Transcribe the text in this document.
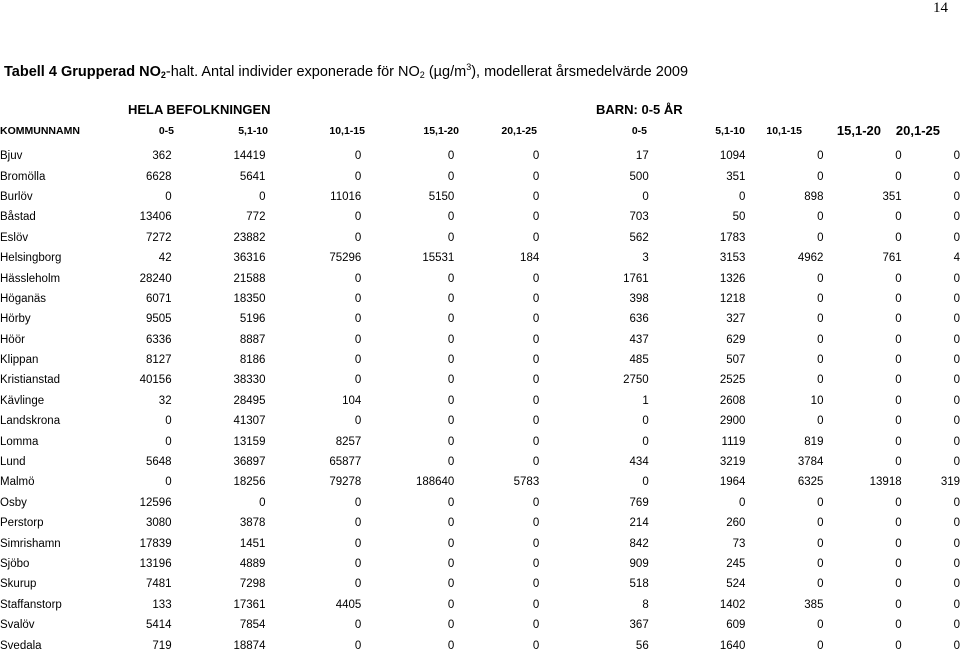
14
Tabell 4 Grupperad $NO_2$-halt. Antal individer exponerade för $NO_2$ $(\mu g/m^3)$, modellerat årsmedelvärde 2009
HELA BEFOLKNINGEN	BARN: 0-5 ÅR
KOMMUNNAMN	0-5	5,1-10	10,1-15	15,1-20	20,1-25	0-5	5,1-10 10,1-15	15,1-20 20,1-25
Bjuv	362	14419	0	0	0	17	1094	0	0	0
Bromölla	6628	5641	0	0	0	500	351	0	0	0
Burlöv	0	0	11016	5150	0	0	0	898	351	0
Båstad	13406	772	0	0	0	703	50	0	0	0
Eslöv	7272	23882	0	0	0	562	1783	0	0	0
Helsingborg	42	36316	75296	15531	184	3	3153	4962	761	4
Hässleholm	28240	21588	0	0	0	1761	1326	0	0	0
Höganäs	6071	18350	0	0	0	398	1218	0	0	0
Hörby	9505	5196	0	0	0	636	327	0	0	0
Höör	6336	8887	0	0	0	437	629	0	0	0
Klippan	8127	8186	0	0	0	485	507	0	0	0
Kristianstad	40156	38330	0	0	0	2750	2525	0	0	0
Kävlinge	32	28495	104	0	0	1	2608	10	0	0
Landskrona	0	41307	0	0	0	0	2900	0	0	0
Lomma	0	13159	8257	0	0	0	1119	819	0	0
Lund	5648	36897	65877	0	0	434	3219	3784	0	0
Malmö	0	18256	79278	188640	5783	0	1964	6325	13918	319
Osby	12596	0	0	0	0	769	0	0	0	0
Perstorp	3080	3878	0	0	0	214	260	0	0	0
Simrishamn	17839	1451	0	0	0	842	73	0	0	0
Sjöbo	13196	4889	0	0	0	909	245	0	0	0
Skurup	7481	7298	0	0	0	518	524	0	0	0
Staffanstorp	133	17361	4405	0	0	8	1402	385	0	0
Svalöv	5414	7854	0	0	0	367	609	0	0	0
Svedala	719	18874	0	0	0	56	1640	0	0	0
